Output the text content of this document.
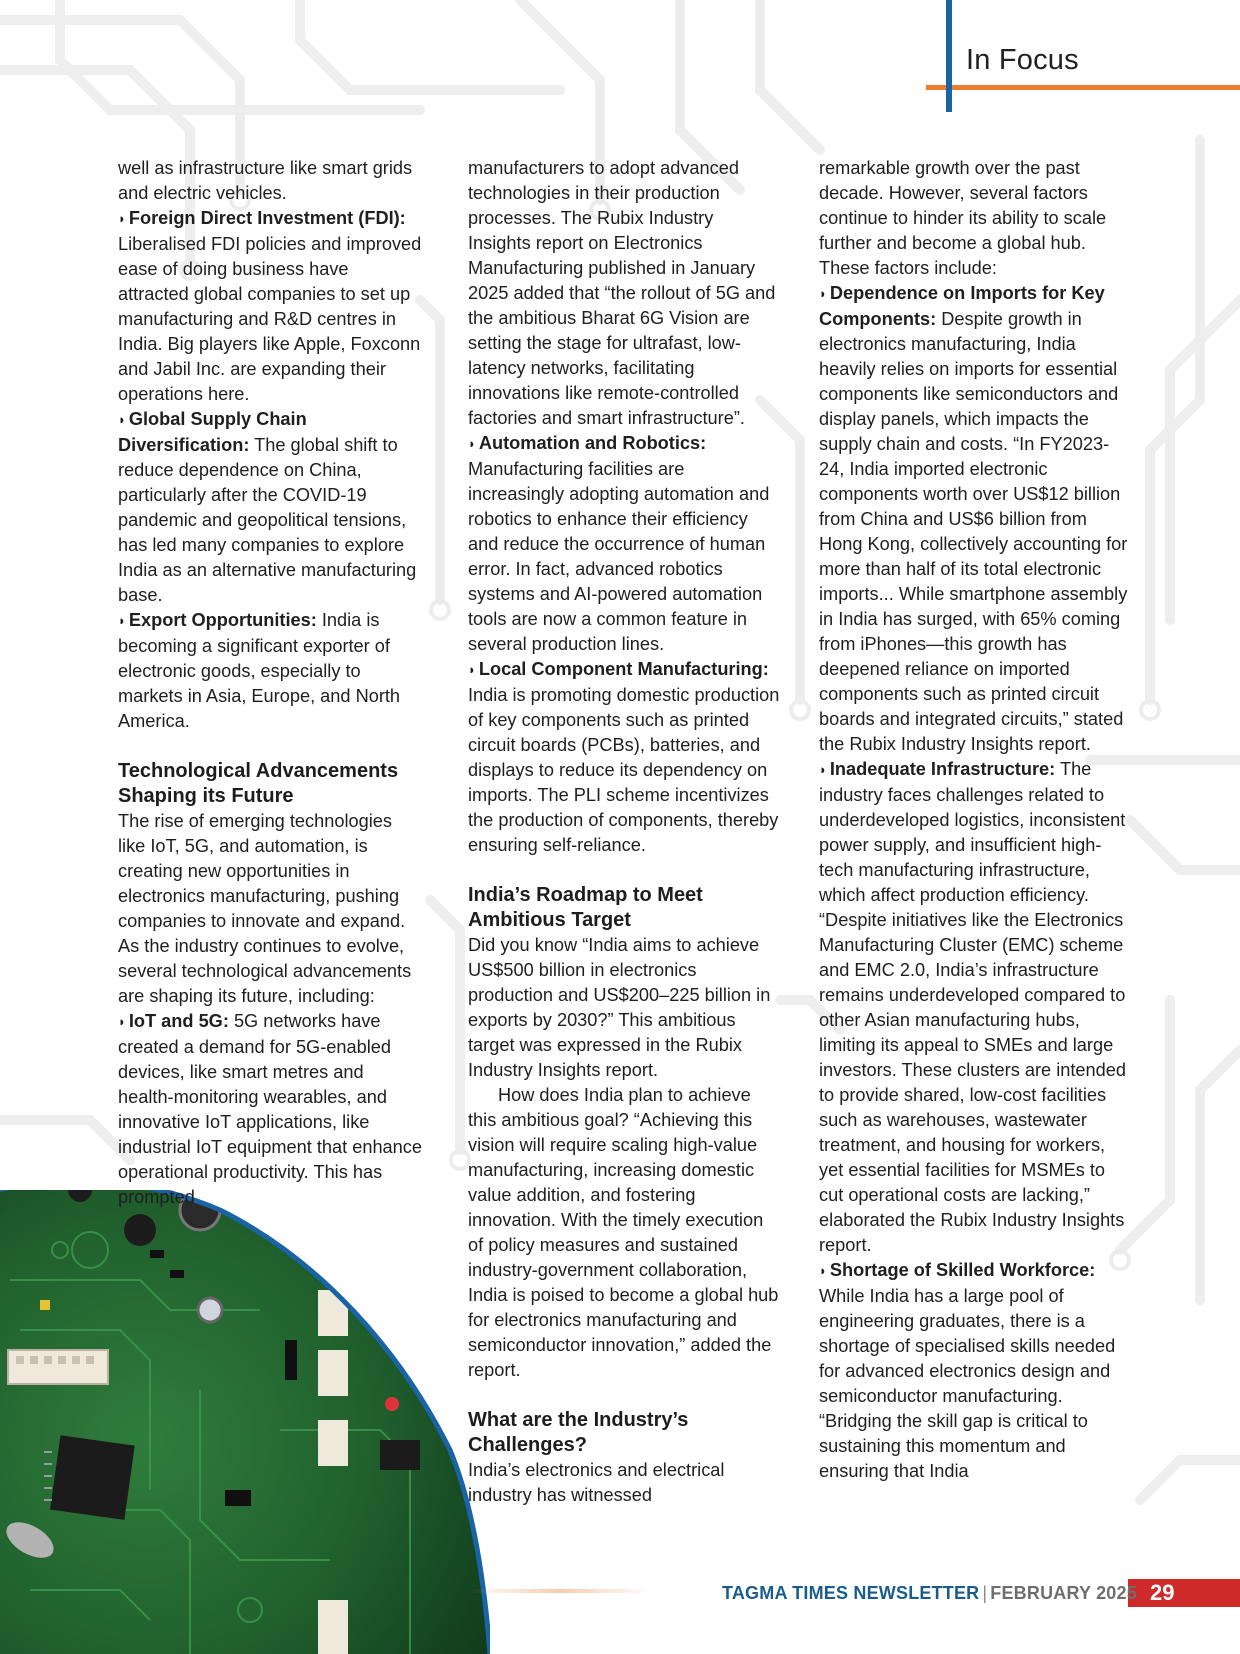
In Focus

well as infrastructure like smart grids and electric vehicles.

◗ Foreign Direct Investment (FDI): Liberalised FDI policies and improved ease of doing business have attracted global companies to set up manufacturing and R&D centres in India. Big players like Apple, Foxconn and Jabil Inc. are expanding their operations here.

◗ Global Supply Chain Diversification: The global shift to reduce dependence on China, particularly after the COVID-19 pandemic and geopolitical tensions, has led many companies to explore India as an alternative manufacturing base.

◗ Export Opportunities: India is becoming a significant exporter of electronic goods, especially to markets in Asia, Europe, and North America.

Technological Advancements Shaping its Future

The rise of emerging technologies like IoT, 5G, and automation, is creating new opportunities in electronics manufacturing, pushing companies to innovate and expand. As the industry continues to evolve, several technological advancements are shaping its future, including:

◗ IoT and 5G: 5G networks have created a demand for 5G-enabled devices, like smart metres and health-monitoring wearables, and innovative IoT applications, like industrial IoT equipment that enhance operational productivity. This has prompted

manufacturers to adopt advanced technologies in their production processes. The Rubix Industry Insights report on Electronics Manufacturing published in January 2025 added that “the rollout of 5G and the ambitious Bharat 6G Vision are setting the stage for ultrafast, low-latency networks, facilitating innovations like remote-controlled factories and smart infrastructure”.

◗ Automation and Robotics: Manufacturing facilities are increasingly adopting automation and robotics to enhance their efficiency and reduce the occurrence of human error. In fact, advanced robotics systems and AI-powered automation tools are now a common feature in several production lines.

◗ Local Component Manufacturing: India is promoting domestic production of key components such as printed circuit boards (PCBs), batteries, and displays to reduce its dependency on imports. The PLI scheme incentivizes the production of components, thereby ensuring self-reliance.

India’s Roadmap to Meet Ambitious Target

Did you know “India aims to achieve US$500 billion in electronics production and US$200–225 billion in exports by 2030?” This ambitious target was expressed in the Rubix Industry Insights report.

How does India plan to achieve this ambitious goal? “Achieving this vision will require scaling high-value manufacturing, increasing domestic value addition, and fostering innovation. With the timely execution of policy measures and sustained industry-government collaboration, India is poised to become a global hub for electronics manufacturing and semiconductor innovation,” added the report.

What are the Industry’s Challenges?

India’s electronics and electrical industry has witnessed

remarkable growth over the past decade. However, several factors continue to hinder its ability to scale further and become a global hub. These factors include:

◗ Dependence on Imports for Key Components: Despite growth in electronics manufacturing, India heavily relies on imports for essential components like semiconductors and display panels, which impacts the supply chain and costs. “In FY2023-24, India imported electronic components worth over US$12 billion from China and US$6 billion from Hong Kong, collectively accounting for more than half of its total electronic imports... While smartphone assembly in India has surged, with 65% coming from iPhones—this growth has deepened reliance on imported components such as printed circuit boards and integrated circuits,” stated the Rubix Industry Insights report.

◗ Inadequate Infrastructure: The industry faces challenges related to underdeveloped logistics, inconsistent power supply, and insufficient high-tech manufacturing infrastructure, which affect production efficiency. “Despite initiatives like the Electronics Manufacturing Cluster (EMC) scheme and EMC 2.0, India’s infrastructure remains underdeveloped compared to other Asian manufacturing hubs, limiting its appeal to SMEs and large investors. These clusters are intended to provide shared, low-cost facilities such as warehouses, wastewater treatment, and housing for workers, yet essential facilities for MSMEs to cut operational costs are lacking,” elaborated the Rubix Industry Insights report.

◗ Shortage of Skilled Workforce: While India has a large pool of engineering graduates, there is a shortage of specialised skills needed for advanced electronics design and semiconductor manufacturing. “Bridging the skill gap is critical to sustaining this momentum and ensuring that India

TAGMA TIMES NEWSLETTER | FEBRUARY 2025 29
